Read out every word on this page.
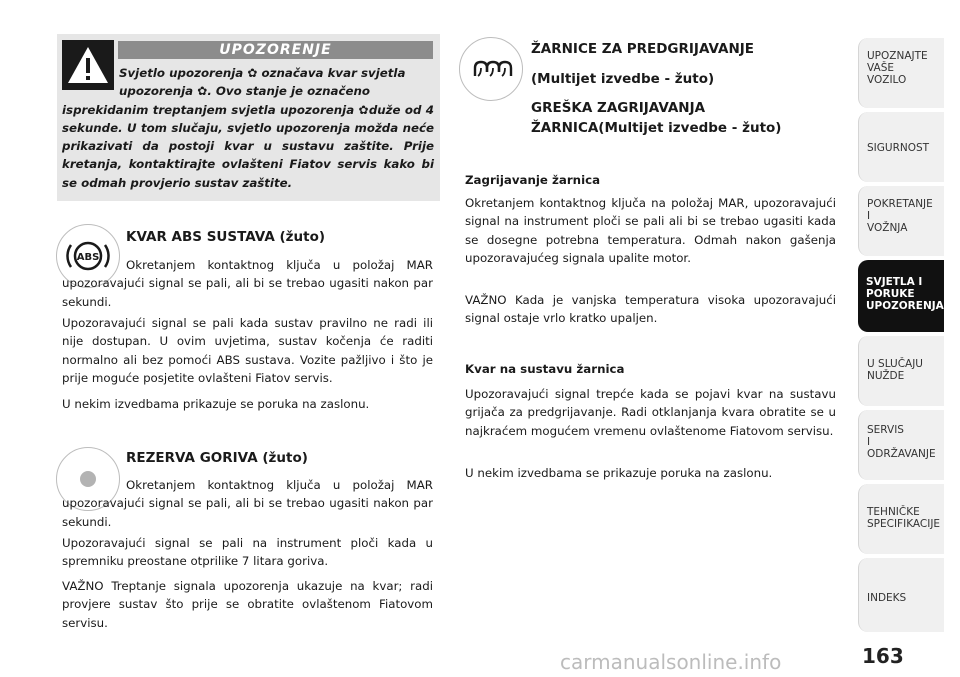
UPOZORENJE

Svjetlo upozorenja ✿ označava kvar svjetla
upozorenja ✿. Ovo stanje je označeno
isprekidanim treptanjem svjetla upozorenja ✿duže od 4 sekunde. U tom slučaju, svjetlo upozorenja možda neće prikazivati da postoji kvar u sustavu zaštite. Prije kretanja, kontaktirajte ovlašteni Fiatov servis kako bi se odmah provjerio sustav zaštite.

ABS
KVAR ABS SUSTAVA (žuto)

Okretanjem kontaktnog ključa u položaj MAR upozoravajući signal se pali, ali bi se trebao ugasiti nakon par sekundi.

Upozoravajući signal se pali kada sustav pravilno ne radi ili nije dostupan. U ovim uvjetima, sustav kočenja će raditi normalno ali bez pomoći ABS sustava. Vozite pažljivo i što je prije moguće posjetite ovlašteni Fiatov servis.

U nekim izvedbama prikazuje se poruka na zaslonu.

REZERVA GORIVA (žuto)

Okretanjem kontaktnog ključa u položaj MAR upozoravajući signal se pali, ali bi se trebao ugasiti nakon par sekundi.

Upozoravajući signal se pali na instrument ploči kada u spremniku preostane otprilike 7 litara goriva.

VAŽNO Treptanje signala upozorenja ukazuje na kvar; radi provjere sustav što prije se obratite ovlaštenom Fiatovom servisu.

ŽARNICE ZA PREDGRIJAVANJE
(Multijet izvedbe - žuto)
GREŠKA ZAGRIJAVANJA
ŽARNICA(Multijet izvedbe - žuto)

Zagrijavanje žarnica

Okretanjem kontaktnog ključa na položaj MAR, upozoravajući signal na instrument ploči se pali ali bi se trebao ugasiti kada se dosegne potrebna temperatura. Odmah nakon gašenja upozoravajućeg signala upalite motor.

VAŽNO Kada je vanjska temperatura visoka upozoravajući signal ostaje vrlo kratko upaljen.

Kvar na sustavu žarnica

Upozoravajući signal trepće kada se pojavi kvar na sustavu grijača za predgrijavanje. Radi otklanjanja kvara obratite se u najkraćem mogućem vremenu ovlaštenome Fiatovom servisu.

U nekim izvedbama se prikazuje poruka na zaslonu.

UPOZNAJTE
VAŠE
VOZILO
SIGURNOST
POKRETANJE
I
VOŽNJA
SVJETLA I
PORUKE
UPOZORENJA
U SLUČAJU
NUŽDE
SERVIS
I
ODRŽAVANJE
TEHNIČKE
SPECIFIKACIJE
INDEKS
163
carmanualsonline.info
